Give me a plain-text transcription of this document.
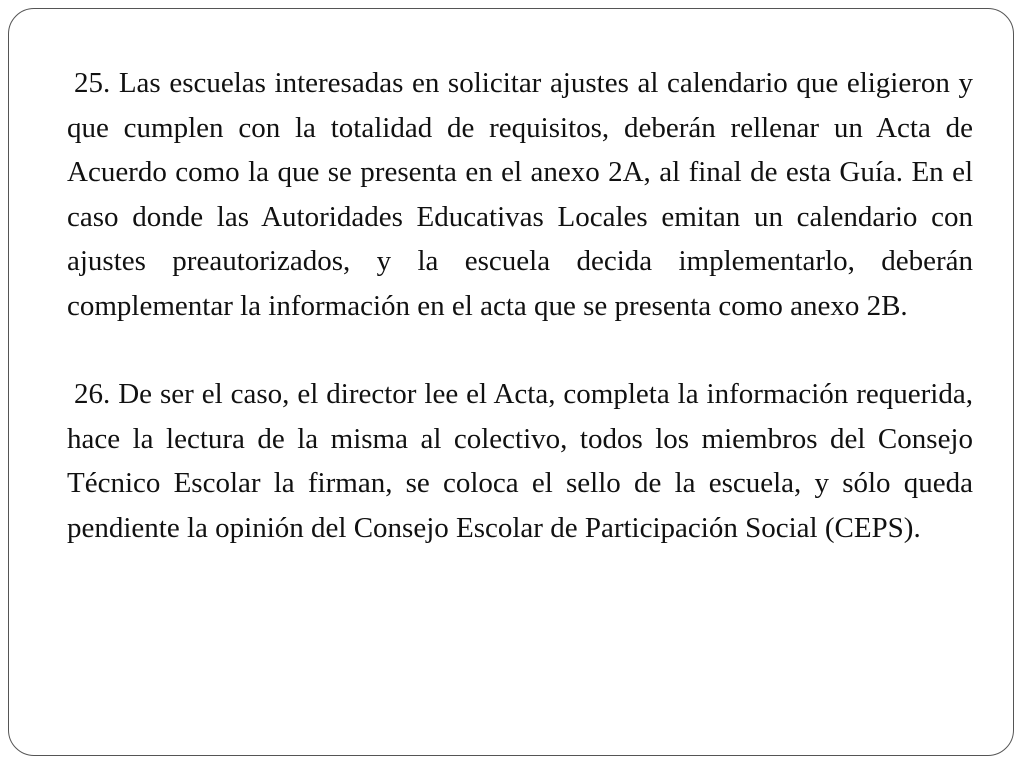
25. Las escuelas interesadas en solicitar ajustes al calendario que eligieron y que cumplen con la totalidad de requisitos, deberán rellenar un Acta de Acuerdo como la que se presenta en el anexo 2A, al final de esta Guía. En el caso donde las Autoridades Educativas Locales emitan un calendario con ajustes preautorizados, y la escuela decida implementarlo, deberán complementar la información en el acta que se presenta como anexo 2B.

26. De ser el caso, el director lee el Acta, completa la información requerida, hace la lectura de la misma al colectivo, todos los miembros del Consejo Técnico Escolar la firman, se coloca el sello de la escuela, y sólo queda pendiente la opinión del Consejo Escolar de Participación Social (CEPS).
